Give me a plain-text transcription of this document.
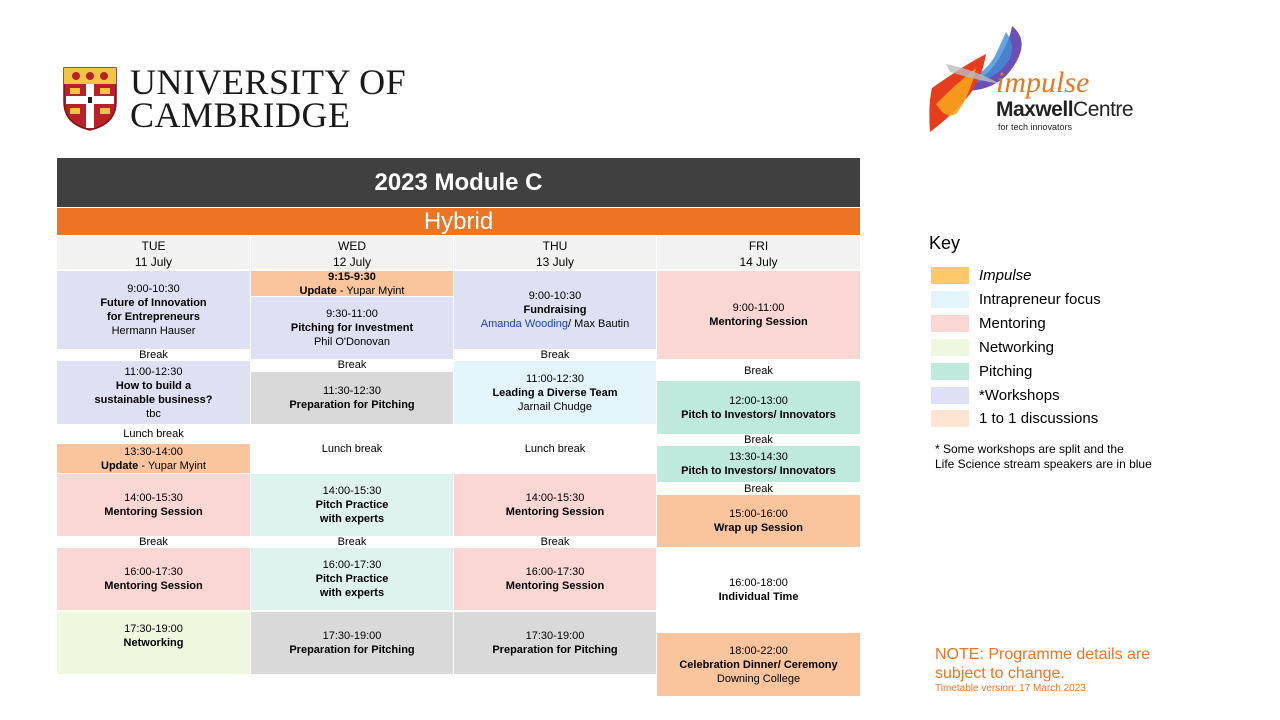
UNIVERSITY OF
CAMBRIDGE
impulse
MaxwellCentre
for tech innovators
2023 Module C
Hybrid
TUE
11 July
WED
12 July
THU
13 July
FRI
14 July
9:00-10:30
Future of Innovation
for Entrepreneurs
Hermann Hauser
Break
11:00-12:30
How to build a
sustainable business?
tbc
Lunch break
13:30-14:00
Update - Yupar Myint
14:00-15:30
Mentoring Session
Break
16:00-17:30
Mentoring Session
17:30-19:00
Networking
9:15-9:30
Update - Yupar Myint
9:30-11:00
Pitching for Investment
Phil O'Donovan
Break
11:30-12:30
Preparation for Pitching
Lunch break
14:00-15:30
Pitch Practice
with experts
Break
16:00-17:30
Pitch Practice
with experts
17:30-19:00
Preparation for Pitching
9:00-10:30
Fundraising
Amanda Wooding/ Max Bautin
Break
11:00-12:30
Leading a Diverse Team
Jarnail Chudge
Lunch break
14:00-15:30
Mentoring Session
Break
16:00-17:30
Mentoring Session
17:30-19:00
Preparation for Pitching
9:00-11:00
Mentoring Session
Break
12:00-13:00
Pitch to Investors/ Innovators
Break
13:30-14:30
Pitch to Investors/ Innovators
Break
15:00-16:00
Wrap up Session
16:00-18:00
Individual Time
18:00-22:00
Celebration Dinner/ Ceremony
Downing College
Key
Impulse
Intrapreneur focus
Mentoring
Networking
Pitching
*Workshops
1 to 1 discussions
* Some workshops are split and the
Life Science stream speakers are in blue
NOTE: Programme details are subject to change.
Timetable version: 17 March 2023
